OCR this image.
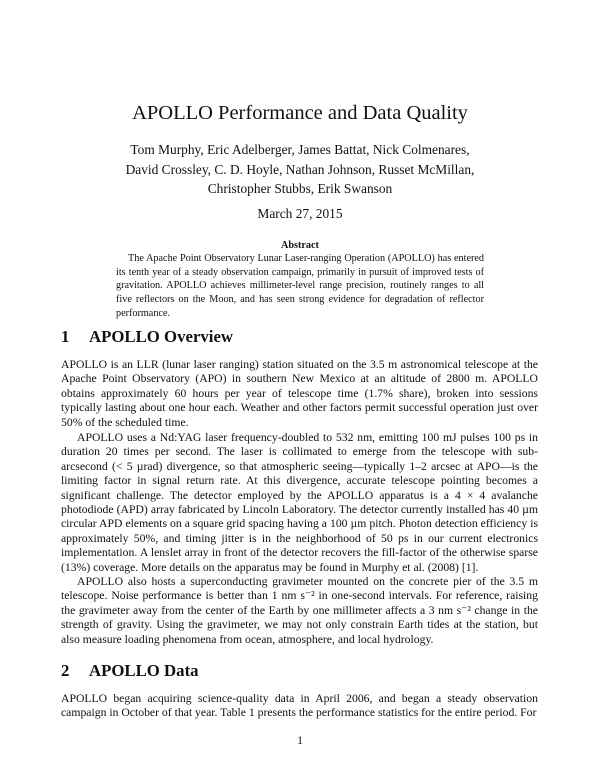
APOLLO Performance and Data Quality
Tom Murphy, Eric Adelberger, James Battat, Nick Colmenares,
David Crossley, C. D. Hoyle, Nathan Johnson, Russet McMillan,
Christopher Stubbs, Erik Swanson
March 27, 2015
Abstract

The Apache Point Observatory Lunar Laser-ranging Operation (APOLLO) has entered its tenth year of a steady observation campaign, primarily in pursuit of improved tests of gravitation. APOLLO achieves millimeter-level range precision, routinely ranges to all five reflectors on the Moon, and has seen strong evidence for degradation of reflector performance.

1 APOLLO Overview

APOLLO is an LLR (lunar laser ranging) station situated on the 3.5 m astronomical telescope at the Apache Point Observatory (APO) in southern New Mexico at an altitude of 2800 m. APOLLO obtains approximately 60 hours per year of telescope time (1.7% share), broken into sessions typically lasting about one hour each. Weather and other factors permit successful operation just over 50% of the scheduled time.

APOLLO uses a Nd:YAG laser frequency-doubled to 532 nm, emitting 100 mJ pulses 100 ps in duration 20 times per second. The laser is collimated to emerge from the telescope with sub-arcsecond (< 5 µrad) divergence, so that atmospheric seeing—typically 1–2 arcsec at APO—is the limiting factor in signal return rate. At this divergence, accurate telescope pointing becomes a significant challenge. The detector employed by the APOLLO apparatus is a 4 × 4 avalanche photodiode (APD) array fabricated by Lincoln Laboratory. The detector currently installed has 40 µm circular APD elements on a square grid spacing having a 100 µm pitch. Photon detection efficiency is approximately 50%, and timing jitter is in the neighborhood of 50 ps in our current electronics implementation. A lenslet array in front of the detector recovers the fill-factor of the otherwise sparse (13%) coverage. More details on the apparatus may be found in Murphy et al. (2008) [1].

APOLLO also hosts a superconducting gravimeter mounted on the concrete pier of the 3.5 m telescope. Noise performance is better than 1 nm s⁻² in one-second intervals. For reference, raising the gravimeter away from the center of the Earth by one millimeter affects a 3 nm s⁻² change in the strength of gravity. Using the gravimeter, we may not only constrain Earth tides at the station, but also measure loading phenomena from ocean, atmosphere, and local hydrology.

2 APOLLO Data

APOLLO began acquiring science-quality data in April 2006, and began a steady observation campaign in October of that year. Table 1 presents the performance statistics for the entire period. For

1
